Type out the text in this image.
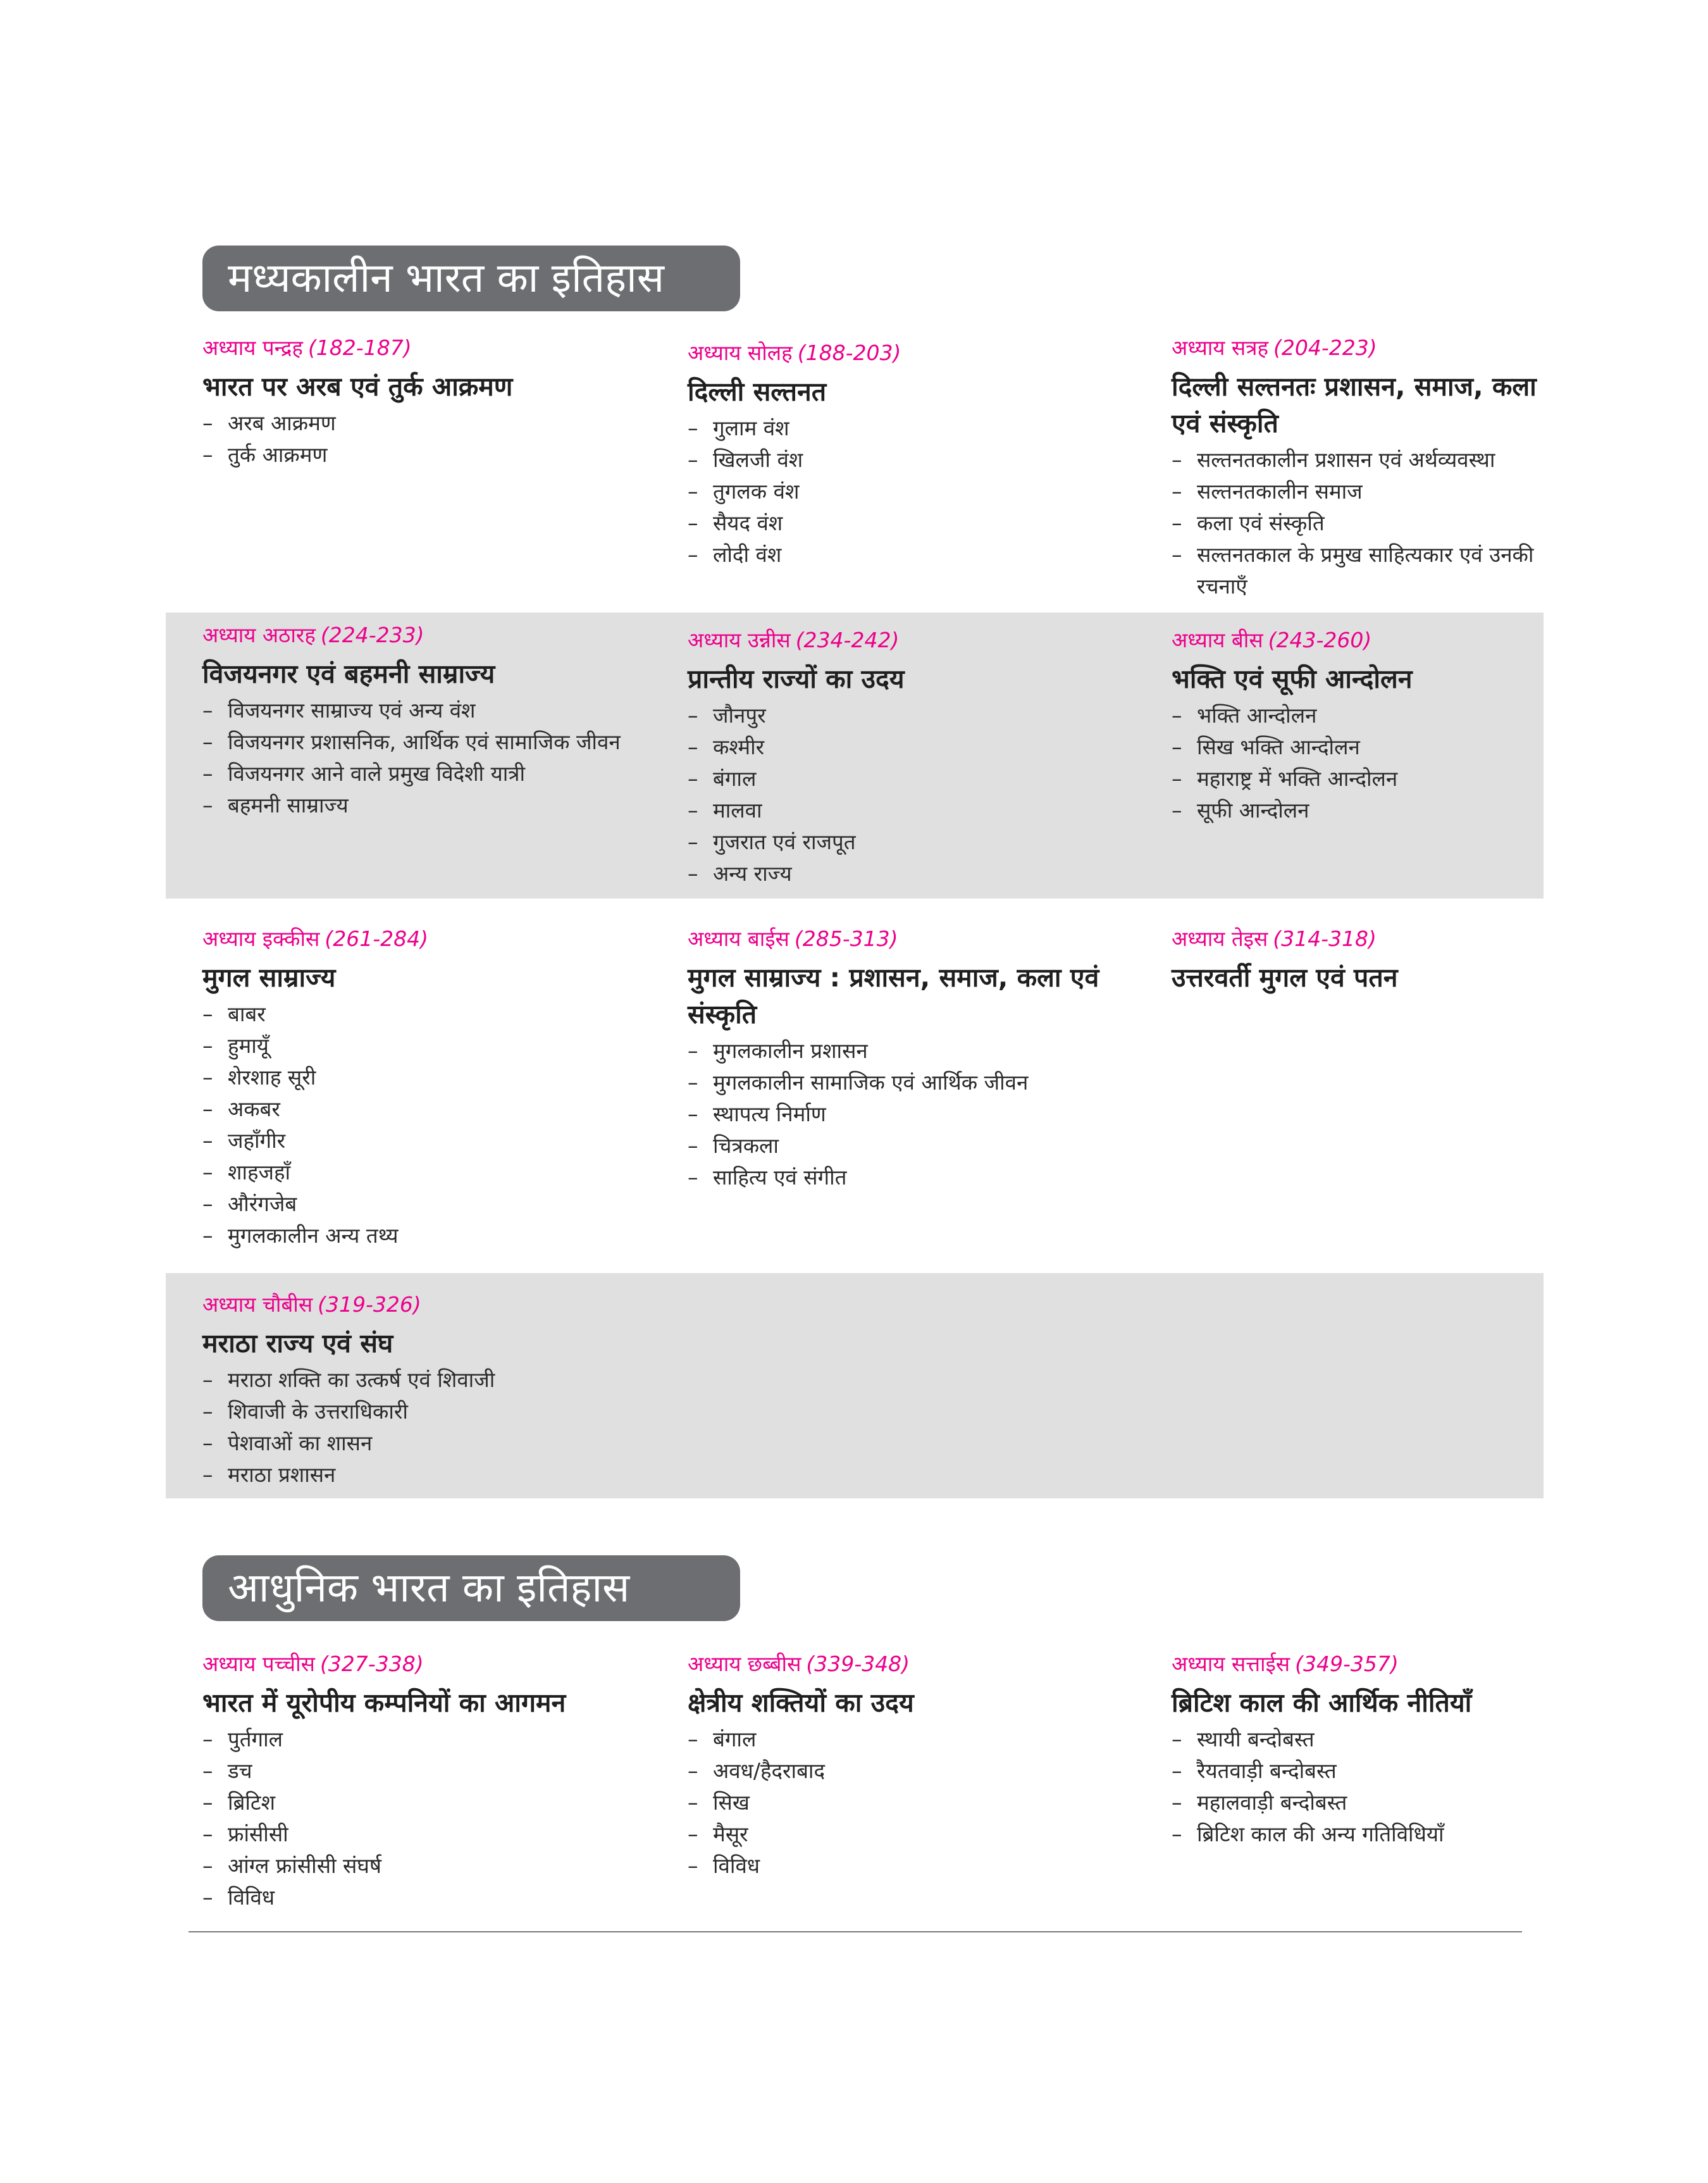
मध्यकालीन भारत का इतिहास
अध्याय पन्द्रह (182-187)
भारत पर अरब एवं तुर्क आक्रमण
– अरब आक्रमण
– तुर्क आक्रमण
अध्याय सोलह (188-203)
दिल्ली सल्तनत
– गुलाम वंश
– खिलजी वंश
– तुगलक वंश
– सैयद वंश
– लोदी वंश
अध्याय सत्रह (204-223)
दिल्ली सल्तनतः प्रशासन, समाज, कला एवं संस्कृति
– सल्तनतकालीन प्रशासन एवं अर्थव्यवस्था
– सल्तनतकालीन समाज
– कला एवं संस्कृति
– सल्तनतकाल के प्रमुख साहित्यकार एवं उनकी रचनाएँ
अध्याय अठारह (224-233)
विजयनगर एवं बहमनी साम्राज्य
– विजयनगर साम्राज्य एवं अन्य वंश
– विजयनगर प्रशासनिक, आर्थिक एवं सामाजिक जीवन
– विजयनगर आने वाले प्रमुख विदेशी यात्री
– बहमनी साम्राज्य
अध्याय उन्नीस (234-242)
प्रान्तीय राज्यों का उदय
– जौनपुर
– कश्मीर
– बंगाल
– मालवा
– गुजरात एवं राजपूत
– अन्य राज्य
अध्याय बीस (243-260)
भक्ति एवं सूफी आन्दोलन
– भक्ति आन्दोलन
– सिख भक्ति आन्दोलन
– महाराष्ट्र में भक्ति आन्दोलन
– सूफी आन्दोलन
अध्याय इक्कीस (261-284)
मुगल साम्राज्य
– बाबर
– हुमायूँ
– शेरशाह सूरी
– अकबर
– जहाँगीर
– शाहजहाँ
– औरंगजेब
– मुगलकालीन अन्य तथ्य
अध्याय बाईस (285-313)
मुगल साम्राज्य : प्रशासन, समाज, कला एवं संस्कृति
– मुगलकालीन प्रशासन
– मुगलकालीन सामाजिक एवं आर्थिक जीवन
– स्थापत्य निर्माण
– चित्रकला
– साहित्य एवं संगीत
अध्याय तेइस (314-318)
उत्तरवर्ती मुगल एवं पतन
अध्याय चौबीस (319-326)
मराठा राज्य एवं संघ
– मराठा शक्ति का उत्कर्ष एवं शिवाजी
– शिवाजी के उत्तराधिकारी
– पेशवाओं का शासन
– मराठा प्रशासन
आधुनिक भारत का इतिहास
अध्याय पच्चीस (327-338)
भारत में यूरोपीय कम्पनियों का आगमन
– पुर्तगाल
– डच
– ब्रिटिश
– फ्रांसीसी
– आंग्ल फ्रांसीसी संघर्ष
– विविध
अध्याय छब्बीस (339-348)
क्षेत्रीय शक्तियों का उदय
– बंगाल
– अवध/हैदराबाद
– सिख
– मैसूर
– विविध
अध्याय सत्ताईस (349-357)
ब्रिटिश काल की आर्थिक नीतियाँ
– स्थायी बन्दोबस्त
– रैयतवाड़ी बन्दोबस्त
– महालवाड़ी बन्दोबस्त
– ब्रिटिश काल की अन्य गतिविधियाँ
